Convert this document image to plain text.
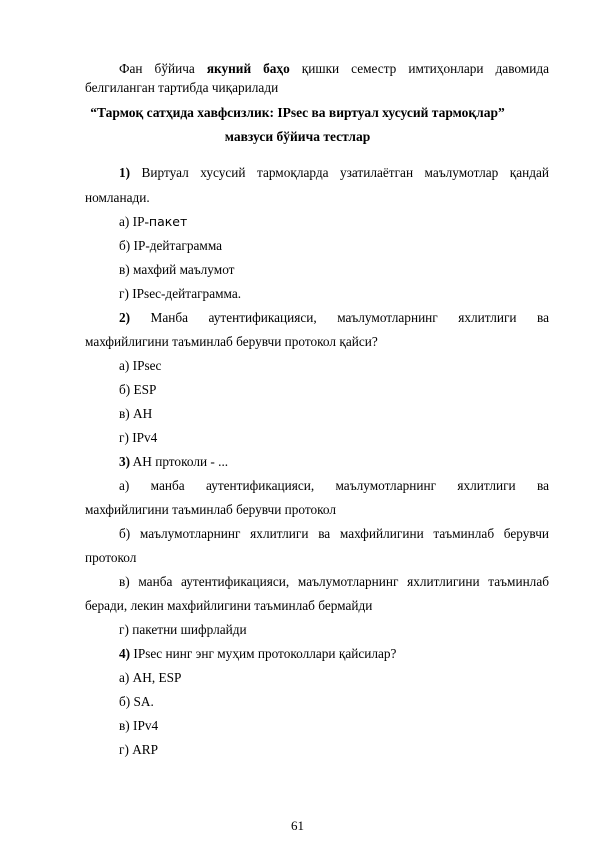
Фан бўйича якуний баҳо қишки семестр имтиҳонлари давомида
белгиланган тартибда чиқарилади
“Тармоқ сатҳида хавфсизлик: IPsec ва виртуал хусусий тармоқлар”
мавзуси бўйича тестлар
1) Виртуал хусусий тармоқларда узатилаётган маълумотлар қандай
номланади.
а) IP-пакет
б) IP-дейтаграмма
в) махфий маълумот
г) IPsec-дейтаграмма.
2) Манба аутентификацияси, маълумотларнинг яхлитлиги ва
махфийлигини таъминлаб берувчи протокол қайси?
а) IPsec
б) ESP
в) AH
г) IPv4
3) AH пртоколи - ...
а) манба аутентификацияси, маълумотларнинг яхлитлиги ва
махфийлигини таъминлаб берувчи протокол
б) маълумотларнинг яхлитлиги ва махфийлигини таъминлаб берувчи
протокол
в) манба аутентификацияси, маълумотларнинг яхлитлигини таъминлаб
беради, лекин махфийлигини таъминлаб бермайди
г) пакетни шифрлайди
4) IPsec нинг энг муҳим протоколлари қайсилар?
а) AH, ESP
б) SA.
в) IPv4
г) ARP
61
